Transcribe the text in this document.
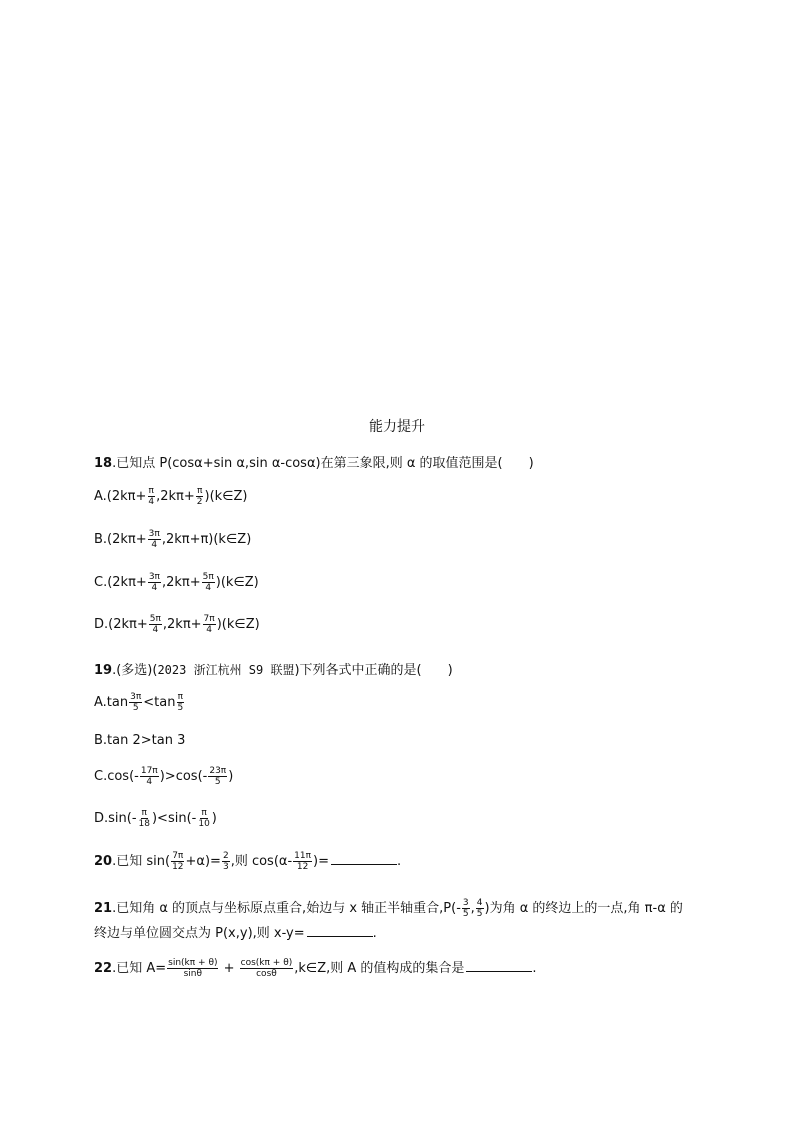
能力提升
18.已知点 P(cosα+sin α,sin α-cosα)在第三象限,则 α 的取值范围是(　　)
$A.(2k\pi+ \frac{\pi}{4} ,2k\pi+ \frac{\pi}{2}$ )(k∈Z)
$B.(2k\pi+ \frac{3\pi}{4}$ ,2kπ+π)(k∈Z)
$C.(2k\pi+ \frac{3\pi}{4} ,2k\pi+ \frac{5\pi}{4}$ )(k∈Z)
$D.(2k\pi+ \frac{5\pi}{4} ,2k\pi+ \frac{7\pi}{4}$ )(k∈Z)
19.(多选)(2023 浙江杭州 S9 联盟)下列各式中正确的是(　　)
$A.\tan \frac{3\pi}{5} <\tan \frac{\pi}{5}$
B.tan 2>tan 3
$C.\cos(- \frac{17\pi}{4} )>\cos(- \frac{23\pi}{5}$ )
$D.\sin(- \frac{\pi}{18} )<\sin(- \frac{\pi}{10}$ )
20.已知 $\sin( \frac{7\pi}{12} +\alpha)= \frac{2}{3}$ ,则 $\cos(\alpha- \frac{11\pi}{12}$ )=	.
21.已知角 α 的顶点与坐标原点重合,始边与 x 轴正半轴重合$,P(- \frac{3}{5}$ , $\frac{4}{5}$ )为角 α 的终边上的一点,角 π-α 的
终边与单位圆交点为 P(x,y),则 x-y=	.
22.已知 $A= \frac{\sin(k\pi + \theta)}{\sin\theta} + \frac{\cos(k\pi + \theta)}{\cos\theta}$ ,k∈Z,则 A 的值构成的集合是	.
